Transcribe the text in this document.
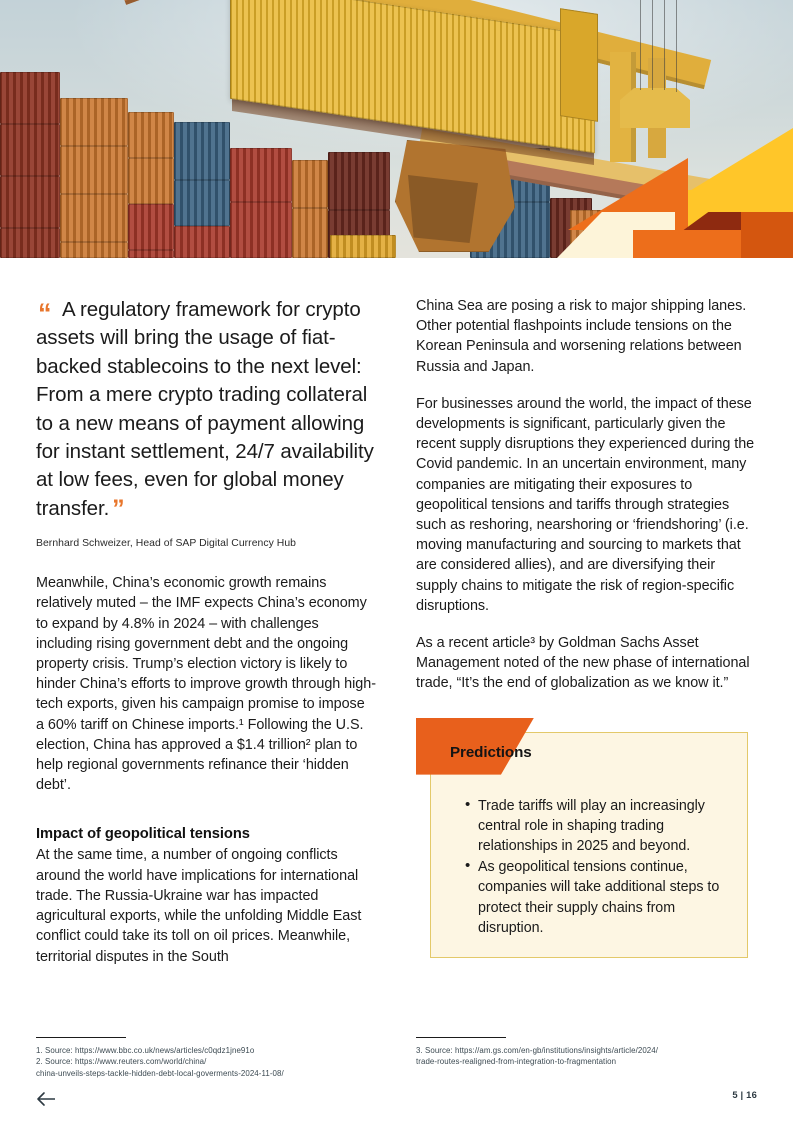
“ A regulatory framework for crypto assets will bring the usage of fiat-backed stablecoins to the next level: From a mere crypto trading collateral to a new means of payment allowing for instant settlement, 24/7 availability at low fees, even for global money transfer. ”

Bernhard Schweizer, Head of SAP Digital Currency Hub

Meanwhile, China’s economic growth remains relatively muted – the IMF expects China’s economy to expand by 4.8% in 2024 – with challenges including rising government debt and the ongoing property crisis. Trump’s election victory is likely to hinder China’s efforts to improve growth through high-tech exports, given his campaign promise to impose a 60% tariff on Chinese imports.¹ Following the U.S. election, China has approved a $1.4 trillion² plan to help regional governments refinance their ‘hidden debt’.

Impact of geopolitical tensions

At the same time, a number of ongoing conflicts around the world have implications for international trade. The Russia-Ukraine war has impacted agricultural exports, while the unfolding Middle East conflict could take its toll on oil prices. Meanwhile, territorial disputes in the South

China Sea are posing a risk to major shipping lanes. Other potential flashpoints include tensions on the Korean Peninsula and worsening relations between Russia and Japan.

For businesses around the world, the impact of these developments is significant, particularly given the recent supply disruptions they experienced during the Covid pandemic. In an uncertain environment, many companies are mitigating their exposures to geopolitical tensions and tariffs through strategies such as reshoring, nearshoring or ‘friendshoring’ (i.e. moving manufacturing and sourcing to markets that are considered allies), and are diversifying their supply chains to mitigate the risk of region-specific disruptions.

As a recent article³ by Goldman Sachs Asset Management noted of the new phase of international trade, “It’s the end of globalization as we know it.”

• Trade tariffs will play an increasingly central role in shaping trading relationships in 2025 and beyond.
• As geopolitical tensions continue, companies will take additional steps to protect their supply chains from disruption.
Predictions
1. Source: https://www.bbc.co.uk/news/articles/c0qdz1jne91o
2. Source: https://www.reuters.com/world/china/
china-unveils-steps-tackle-hidden-debt-local-goverments-2024-11-08/
3. Source: https://am.gs.com/en-gb/institutions/insights/article/2024/
trade-routes-realigned-from-integration-to-fragmentation
5 | 16
